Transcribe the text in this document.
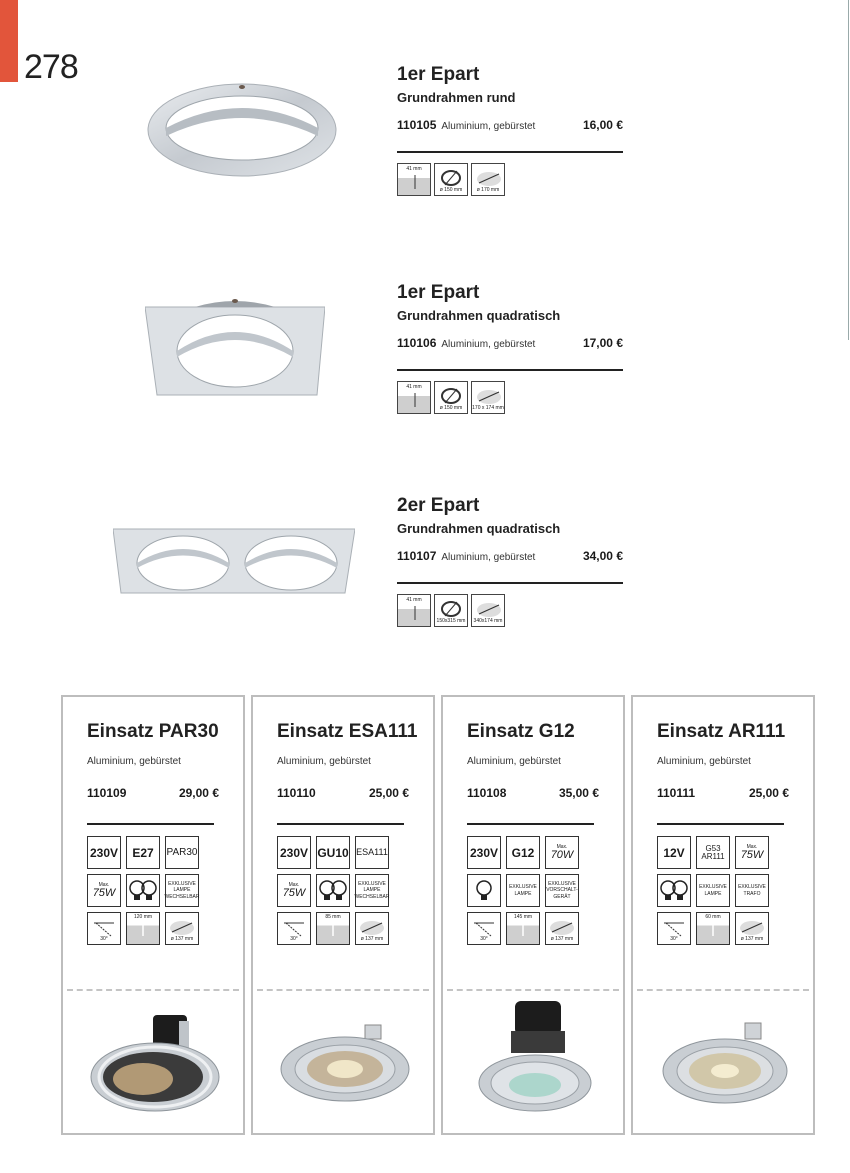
278	1er Epart
Grundrahmen rund
110105 Aluminium, gebürstet	16,00 €
41 mm
ø 150 mm	ø 170 mm
1er Epart
Grundrahmen quadratisch
110106 Aluminium, gebürstet	17,00 €
41 mm
ø 150 mm	170 x 174 mm
2er Epart
Grundrahmen quadratisch
110107 Aluminium, gebürstet	34,00 €
41 mm
150x315 mm	340x174 mm
Einsatz PAR30
Aluminium, gebürstet
110109	29,00 €
230V	E27	PAR30
Max.
75W
EXKLUSIVE LAMPE WECHSELBAR
30°
120 mm
ø 137 mm
Einsatz ESA111
Aluminium, gebürstet
110110	25,00 €
230V GU10 ESA111
Max.
75W
EXKLUSIVE LAMPE WECHSELBAR
30°
85 mm
ø 137 mm
Einsatz G12
Aluminium, gebürstet
110108	35,00 €
230V	G12	Max.
70W
EXKLUSIVE LAMPE
EXKLUSIVE VORSCHALT-GERÄT
30°
145 mm
ø 137 mm
Einsatz AR111
Aluminium, gebürstet
110111	25,00 €
12V	G53 AR111
Max.
75W
EXKLUSIVE LAMPE
EXKLUSIVE TRAFO
30°
60 mm
ø 137 mm
